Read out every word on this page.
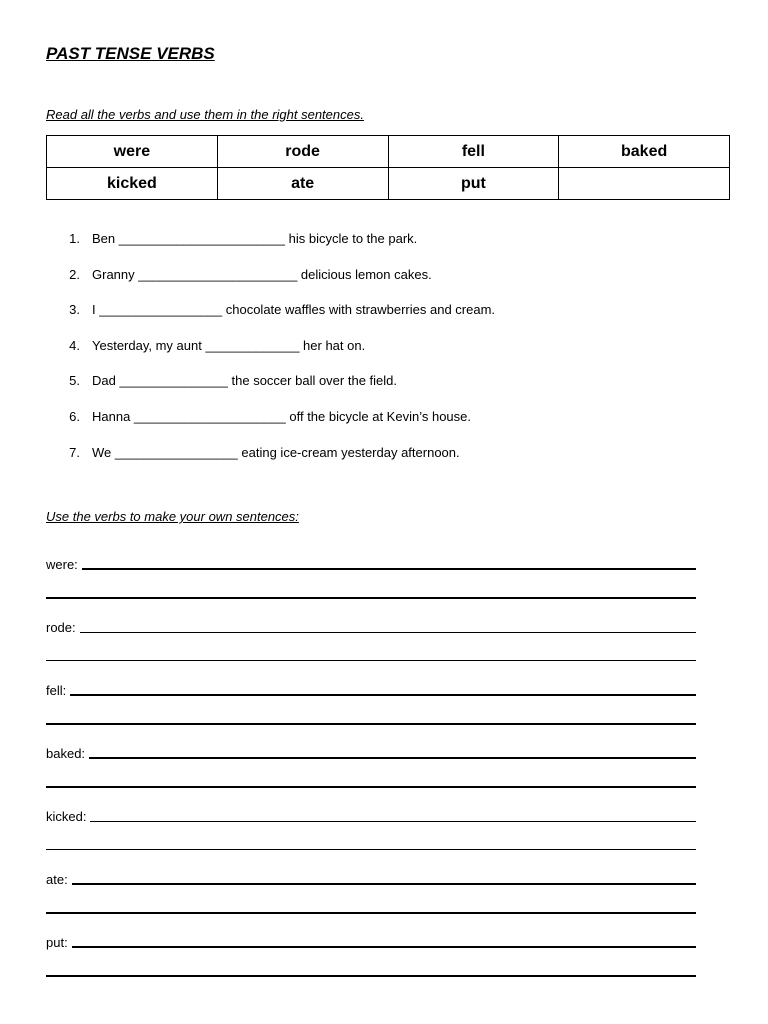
PAST TENSE VERBS
Read all the verbs and use them in the right sentences.
were	rode	fell	baked
kicked	ate	put	
1. Ben _______________________ his bicycle to the park.
2. Granny ______________________ delicious lemon cakes.
3. I _________________ chocolate waffles with strawberries and cream.
4. Yesterday, my aunt _____________ her hat on.
5. Dad _______________ the soccer ball over the field.
6. Hanna _____________________ off the bicycle at Kevin’s house.
7. We _________________ eating ice-cream yesterday afternoon.
Use the verbs to make your own sentences:
were:
rode:
fell:
baked:
kicked:
ate:
put:
